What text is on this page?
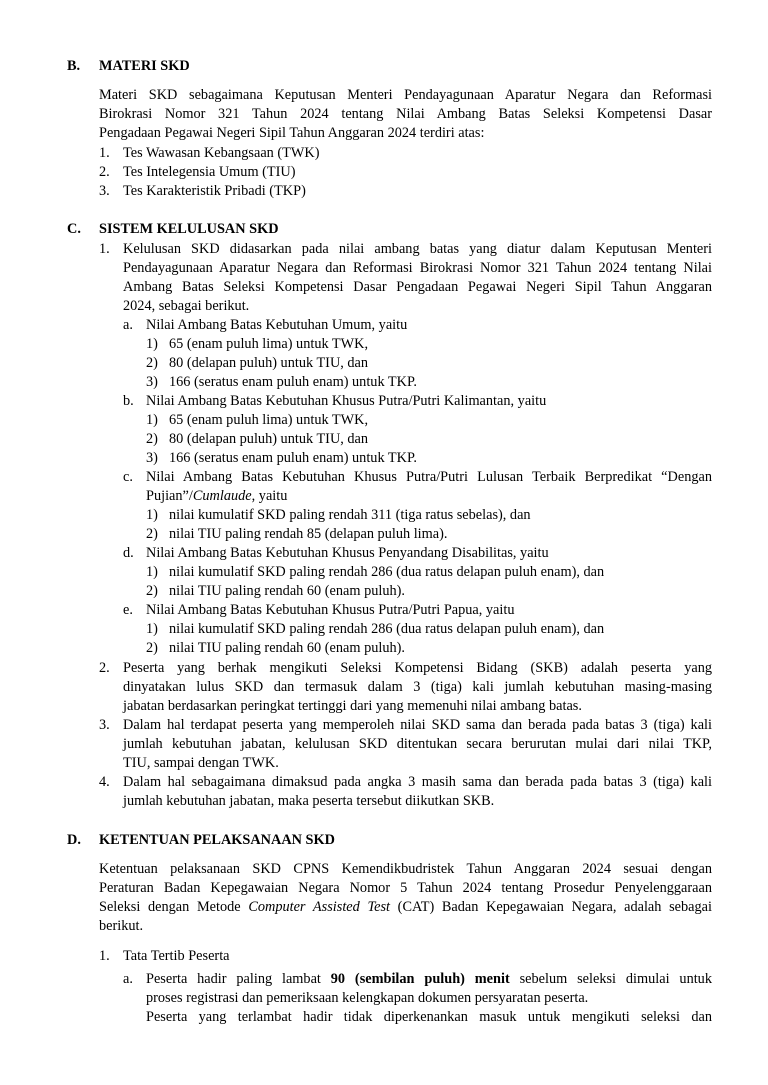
B. MATERI SKD
Materi SKD sebagaimana Keputusan Menteri Pendayagunaan Aparatur Negara dan Reformasi
Birokrasi Nomor 321 Tahun 2024 tentang Nilai Ambang Batas Seleksi Kompetensi Dasar
Pengadaan Pegawai Negeri Sipil Tahun Anggaran 2024 terdiri atas:
1. Tes Wawasan Kebangsaan (TWK)
2. Tes Intelegensia Umum (TIU)
3. Tes Karakteristik Pribadi (TKP)
C. SISTEM KELULUSAN SKD
1. Kelulusan SKD didasarkan pada nilai ambang batas yang diatur dalam Keputusan Menteri
Pendayagunaan Aparatur Negara dan Reformasi Birokrasi Nomor 321 Tahun 2024 tentang Nilai
Ambang Batas Seleksi Kompetensi Dasar Pengadaan Pegawai Negeri Sipil Tahun Anggaran
2024, sebagai berikut.
a. Nilai Ambang Batas Kebutuhan Umum, yaitu
1) 65 (enam puluh lima) untuk TWK,
2) 80 (delapan puluh) untuk TIU, dan
3) 166 (seratus enam puluh enam) untuk TKP.
b. Nilai Ambang Batas Kebutuhan Khusus Putra/Putri Kalimantan, yaitu
1) 65 (enam puluh lima) untuk TWK,
2) 80 (delapan puluh) untuk TIU, dan
3) 166 (seratus enam puluh enam) untuk TKP.
c. Nilai Ambang Batas Kebutuhan Khusus Putra/Putri Lulusan Terbaik Berpredikat “Dengan
Pujian”/Cumlaude, yaitu
1) nilai kumulatif SKD paling rendah 311 (tiga ratus sebelas), dan
2) nilai TIU paling rendah 85 (delapan puluh lima).
d. Nilai Ambang Batas Kebutuhan Khusus Penyandang Disabilitas, yaitu
1) nilai kumulatif SKD paling rendah 286 (dua ratus delapan puluh enam), dan
2) nilai TIU paling rendah 60 (enam puluh).
e. Nilai Ambang Batas Kebutuhan Khusus Putra/Putri Papua, yaitu
1) nilai kumulatif SKD paling rendah 286 (dua ratus delapan puluh enam), dan
2) nilai TIU paling rendah 60 (enam puluh).
2. Peserta yang berhak mengikuti Seleksi Kompetensi Bidang (SKB) adalah peserta yang
dinyatakan lulus SKD dan termasuk dalam 3 (tiga) kali jumlah kebutuhan masing-masing
jabatan berdasarkan peringkat tertinggi dari yang memenuhi nilai ambang batas.
3. Dalam hal terdapat peserta yang memperoleh nilai SKD sama dan berada pada batas 3 (tiga) kali
jumlah kebutuhan jabatan, kelulusan SKD ditentukan secara berurutan mulai dari nilai TKP,
TIU, sampai dengan TWK.
4. Dalam hal sebagaimana dimaksud pada angka 3 masih sama dan berada pada batas 3 (tiga) kali
jumlah kebutuhan jabatan, maka peserta tersebut diikutkan SKB.
D. KETENTUAN PELAKSANAAN SKD
Ketentuan pelaksanaan SKD CPNS Kemendikbudristek Tahun Anggaran 2024 sesuai dengan
Peraturan Badan Kepegawaian Negara Nomor 5 Tahun 2024 tentang Prosedur Penyelenggaraan
Seleksi dengan Metode Computer Assisted Test (CAT) Badan Kepegawaian Negara, adalah sebagai
berikut.
1. Tata Tertib Peserta
a. Peserta hadir paling lambat 90 (sembilan puluh) menit sebelum seleksi dimulai untuk
proses registrasi dan pemeriksaan kelengkapan dokumen persyaratan peserta.
Peserta yang terlambat hadir tidak diperkenankan masuk untuk mengikuti seleksi dan
